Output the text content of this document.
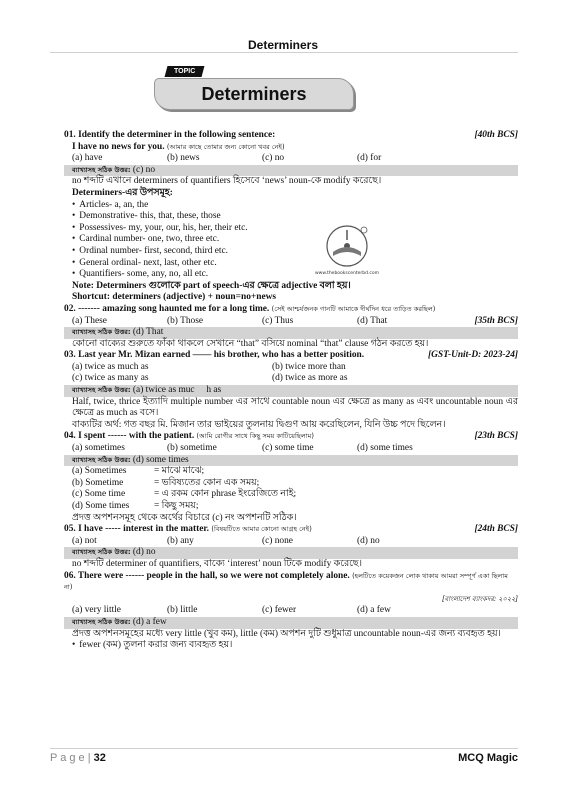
Determiners
Determiners
TOPIC
01. Identify the determiner in the following sentence:	[40th BCS]
I have no news for you. (আমার কাছে তোমার জন্য কোনো খবর নেই)
(a) have	(b) news	(c) no	(d) for
ব্যাখ্যাসহ সঠিক উত্তর: (c) no
no শব্দটি এখানে determiners of quantifiers হিসেবে ‘news’ noun-কে modify করেছে।
Determiners-এর উপসমূহ:
• Articles- a, an, the
• Demonstrative- this, that, these, those
• Possessives- my, your, our, his, her, their etc.
• Cardinal number- one, two, three etc.
• Ordinal number- first, second, third etc.
• General ordinal- next, last, other etc.
• Quantifiers- some, any, no, all etc.
Note: Determiners গুলোকে part of speech-এর ক্ষেত্রে adjective বলা হয়।
Shortcut: determiners (adjective) + noun=no+news
02. ------- amazing song haunted me for a long time. (সেই আশ্চর্যজনক গানটি আমাকে দীর্ঘদিন ধরে তাড়িত করছিল)
(a) These	(b) Those	(c) Thus	(d) That	[35th BCS]
ব্যাখ্যাসহ সঠিক উত্তর: (d) That
কোনো বাক্যের শুরুতে ফাঁকা থাকলে সেখানে “that” বসিয়ে nominal “that” clause গঠন করতে হয়।
03. Last year Mr. Mizan earned —— his brother, who has a better position.	[GST-Unit-D: 2023-24]
(a) twice as much as	(b) twice more than
(c) twice as many as	(d) twice as more as
ব্যাখ্যাসহ সঠিক উত্তর: (a) twice as muc     h as
Half, twice, thrice ইত্যাদি multiple number এর সাথে countable noun এর ক্ষেত্রে as many as এবং uncountable noun এর ক্ষেত্রে as much as বসে।
বাক্যটির অর্থ: গত বছর মি. মিজান তার ভাইয়ের তুলনায় দ্বিগুণ আয় করেছিলেন, যিনি উচ্চ পদে ছিলেন।
04. I spent ------ with the patient. (আমি রোগীর সাথে কিছু সময় কাটিয়েছিলাম)	[23th BCS]
(a) sometimes	(b) sometime	(c) some time	(d) some times
ব্যাখ্যাসহ সঠিক উত্তর: (d) some times
(a) Sometimes	= মাঝে মাঝে;
(b) Sometime	= ভবিষ্যতের কোন এক সময়;
(c) Some time	= এ রকম কোন phrase ইংরেজিতে নাই;
(d) Some times	= কিছু সময়;
প্রদত্ত অপশনসমূহ থেকে অর্থের বিচারে (c) নং অপশনটি সঠিক।
05. I have ----- interest in the matter. (বিষয়টিতে আমার কোনো আগ্রহ নেই)	[24th BCS]
(a) not	(b) any	(c) none	(d) no
ব্যাখ্যাসহ সঠিক উত্তর: (d) no
no শব্দটি determiner of quantifiers, বাক্যে ‘interest’ noun টিকে modify করেছে।
06. There were ------ people in the hall, so we were not completely alone. (হলটিতে কয়েকজন লোক থাকায় আমরা সম্পূর্ণ একা ছিলাম না)
[বাংলাদেশ ব্যাংকদর: ২০২২]
(a) very little	(b) little	(c) fewer	(d) a few
ব্যাখ্যাসহ সঠিক উত্তর: (d) a few
প্রদত্ত অপশনসমূহের মধ্যে very little (খুব কম), little (কম) অপশন দুটি শুধুমাত্র uncountable noun-এর জন্য ব্যবহৃত হয়।
• fewer (কম) তুলনা করার জন্য ব্যবহৃত হয়।
www.thebookscenterbd.com
P a g e | 32	MCQ Magic
